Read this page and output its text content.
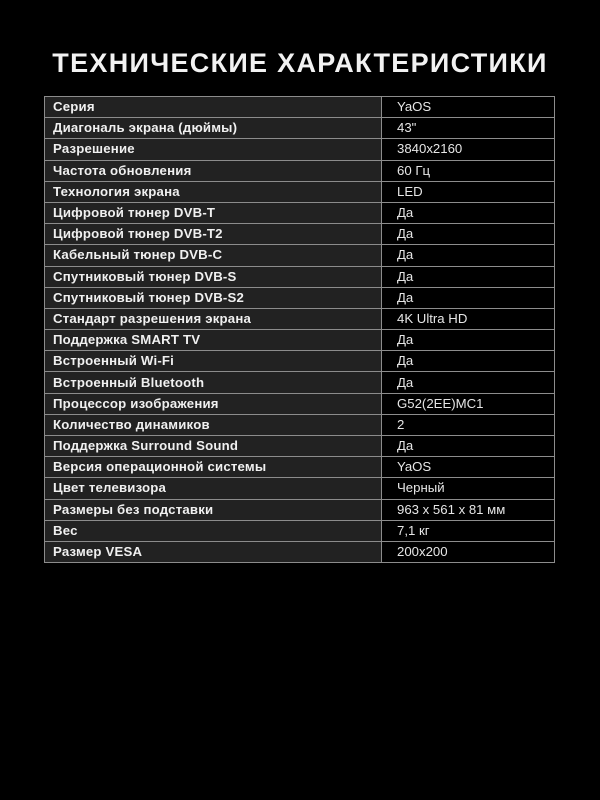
ТЕХНИЧЕСКИЕ ХАРАКТЕРИСТИКИ
Серия	YaOS
Диагональ экрана (дюймы)	43"
Разрешение	3840x2160
Частота обновления	60 Гц
Технология экрана	LED
Цифровой тюнер DVB-T	Да
Цифровой тюнер DVB-T2	Да
Кабельный тюнер DVB-C	Да
Спутниковый тюнер DVB-S	Да
Спутниковый тюнер DVB-S2	Да
Стандарт разрешения экрана	4K Ultra HD
Поддержка SMART TV	Да
Встроенный Wi-Fi	Да
Встроенный Bluetooth	Да
Процессор изображения	G52(2EE)MC1
Количество динамиков	2
Поддержка Surround Sound	Да
Версия операционной системы	YaOS
Цвет телевизора	Черный
Размеры без подставки	963 x 561 x 81 мм
Вес	7,1 кг
Размер VESA	200x200
